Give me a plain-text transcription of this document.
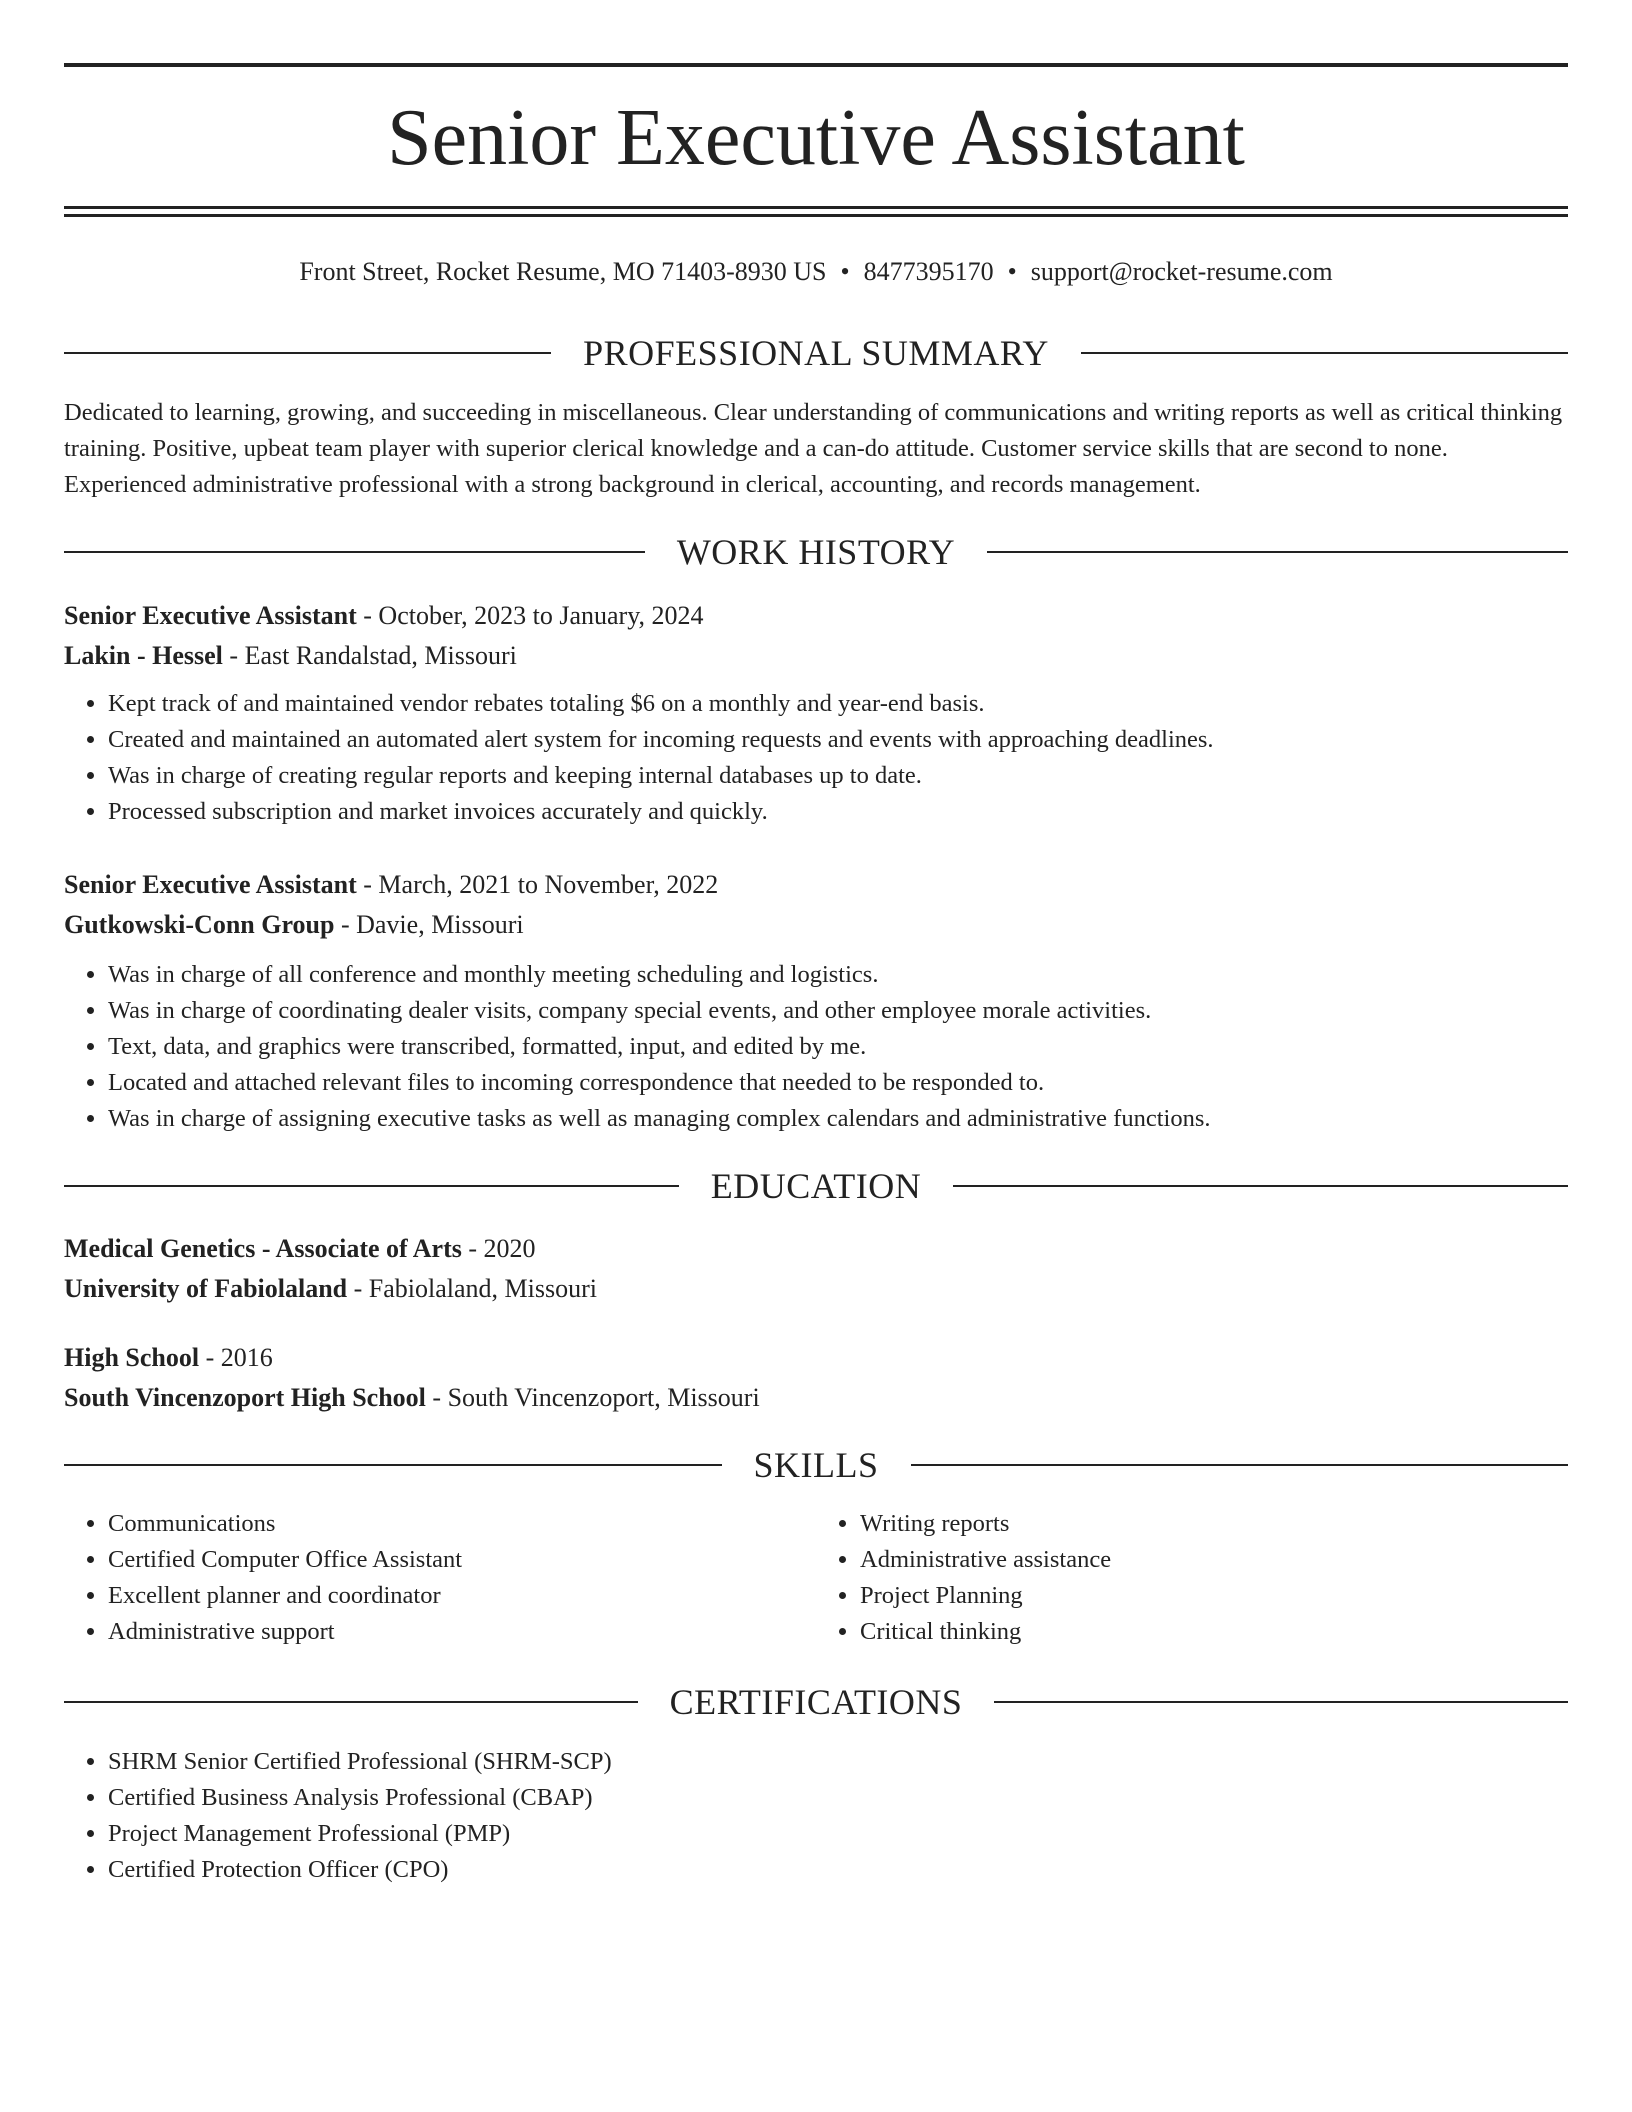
Senior Executive Assistant
Front Street, Rocket Resume, MO 71403-8930 US • 8477395170 • support@rocket-resume.com
PROFESSIONAL SUMMARY

Dedicated to learning, growing, and succeeding in miscellaneous. Clear understanding of communications and writing reports as well as critical thinking training. Positive, upbeat team player with superior clerical knowledge and a can-do attitude. Customer service skills that are second to none. Experienced administrative professional with a strong background in clerical, accounting, and records management.

WORK HISTORY

Senior Executive Assistant - October, 2023 to January, 2024

Lakin - Hessel - East Randalstad, Missouri

• Kept track of and maintained vendor rebates totaling $6 on a monthly and year-end basis.
• Created and maintained an automated alert system for incoming requests and events with approaching deadlines.
• Was in charge of creating regular reports and keeping internal databases up to date.
• Processed subscription and market invoices accurately and quickly.

Senior Executive Assistant - March, 2021 to November, 2022

Gutkowski-Conn Group - Davie, Missouri

• Was in charge of all conference and monthly meeting scheduling and logistics.
• Was in charge of coordinating dealer visits, company special events, and other employee morale activities.
• Text, data, and graphics were transcribed, formatted, input, and edited by me.
• Located and attached relevant files to incoming correspondence that needed to be responded to.
• Was in charge of assigning executive tasks as well as managing complex calendars and administrative functions.
EDUCATION

Medical Genetics - Associate of Arts - 2020

University of Fabiolaland - Fabiolaland, Missouri

High School - 2016

South Vincenzoport High School - South Vincenzoport, Missouri

SKILLS
• Communications
• Certified Computer Office Assistant
• Excellent planner and coordinator
• Administrative support
• Writing reports
• Administrative assistance
• Project Planning
• Critical thinking
CERTIFICATIONS
• SHRM Senior Certified Professional (SHRM-SCP)
• Certified Business Analysis Professional (CBAP)
• Project Management Professional (PMP)
• Certified Protection Officer (CPO)
